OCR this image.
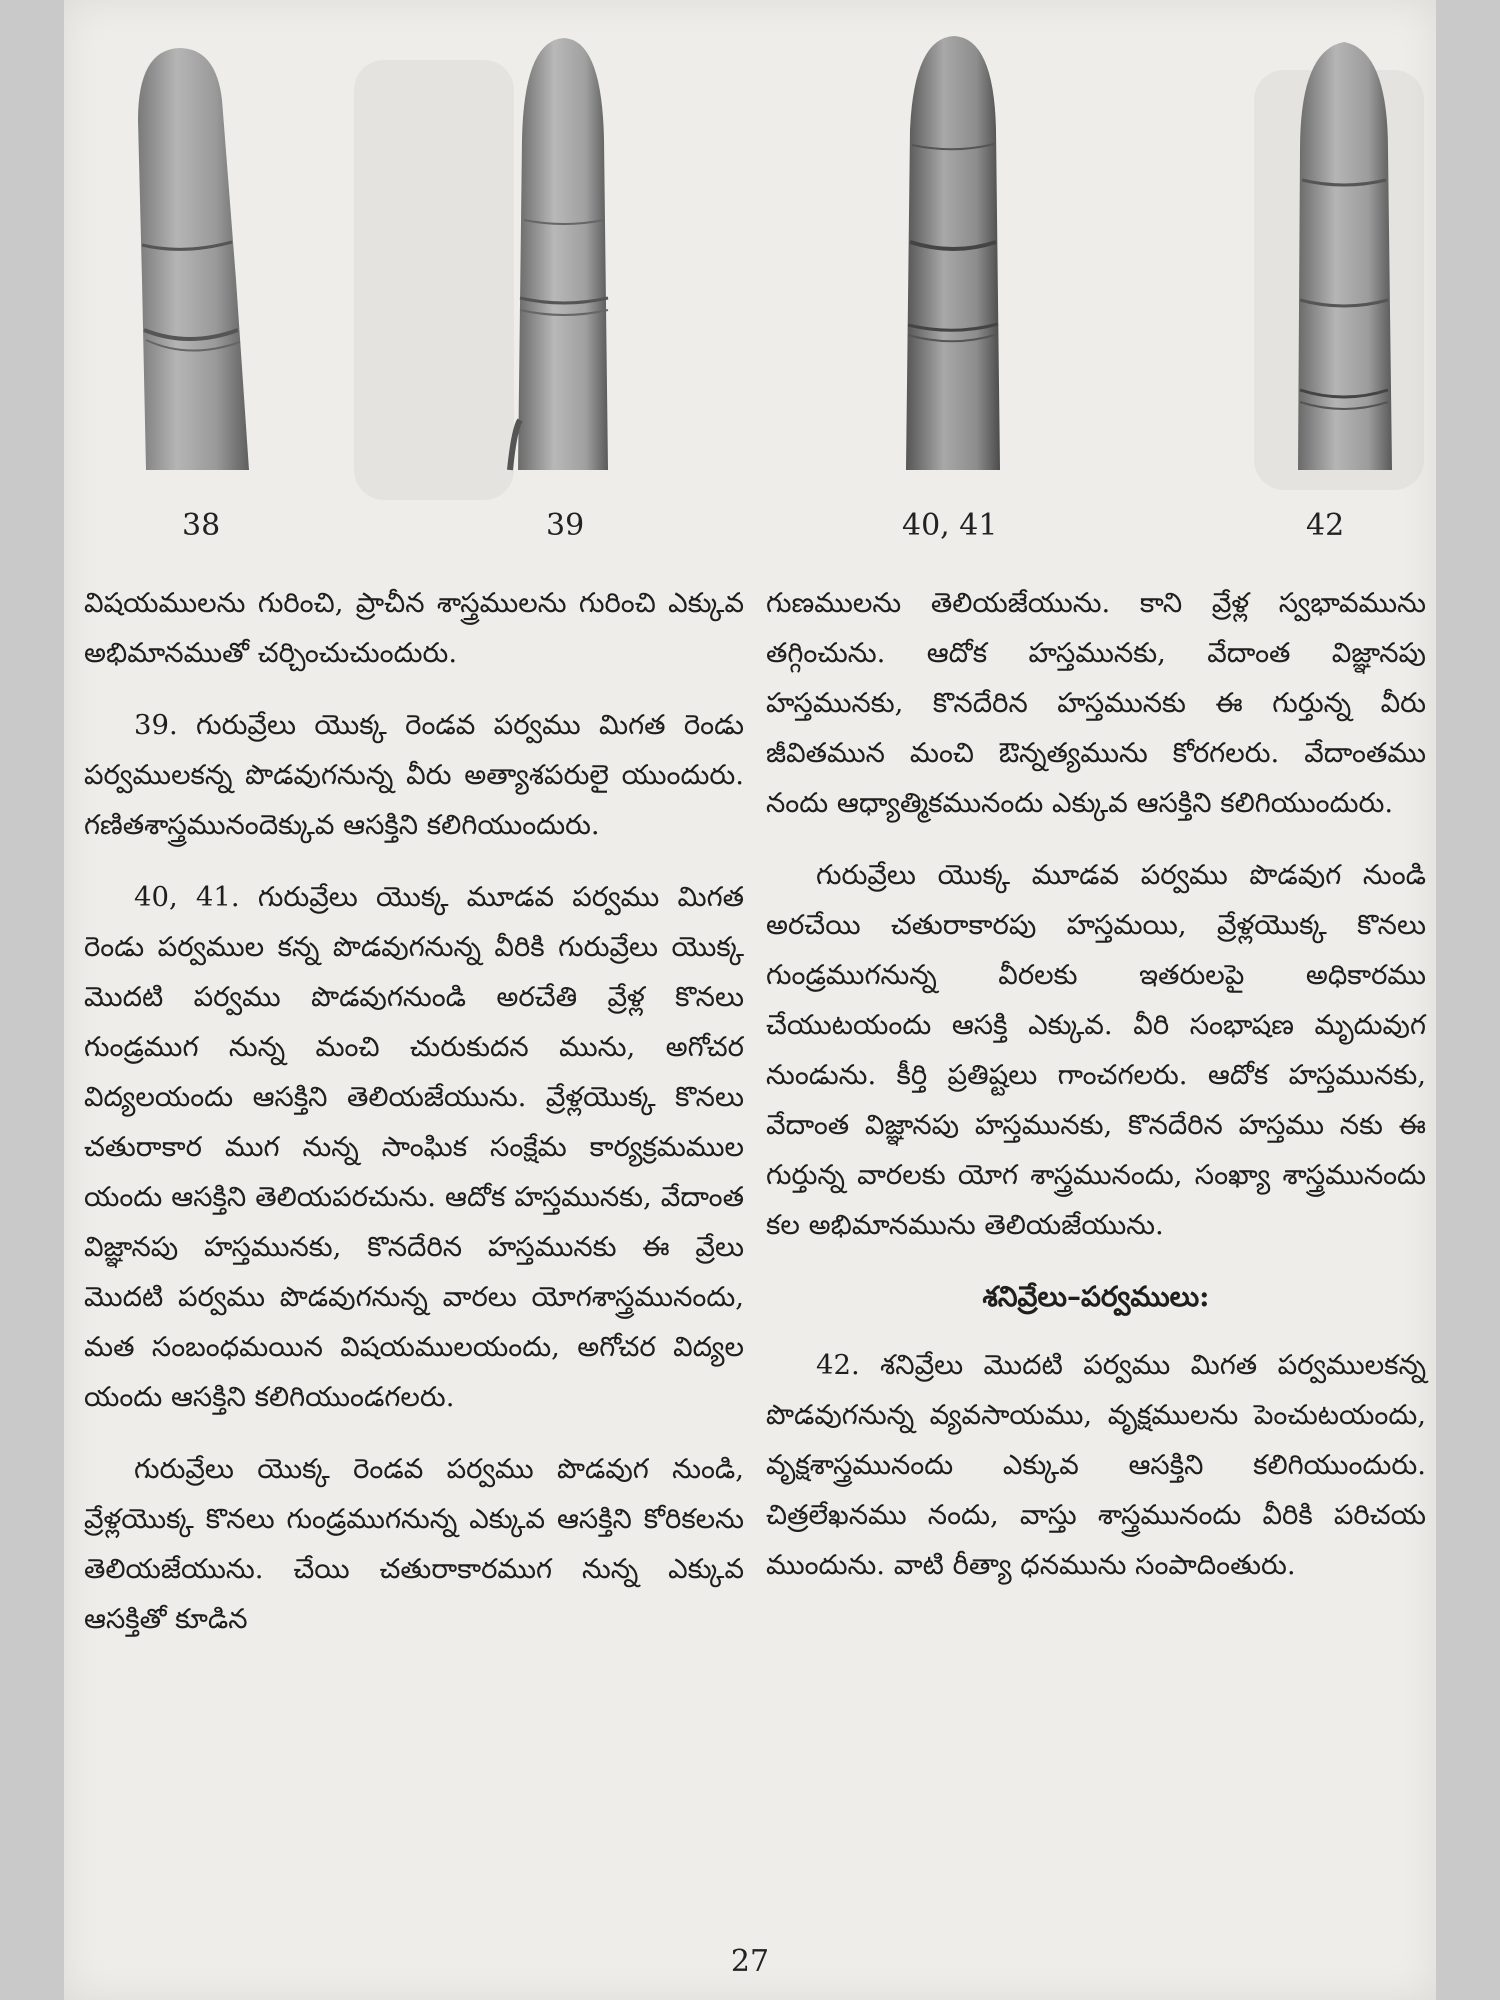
38	39	40, 41	42

విషయములను గురించి, ప్రాచీన శాస్త్రములను గురించి ఎక్కువ అభిమానముతో చర్చించుచుందురు.

39. గురువ్రేలు యొక్క రెండవ పర్వము మిగత రెండు పర్వములకన్న పొడవుగనున్న వీరు అత్యాశపరులై యుందురు. గణితశాస్త్రమునందెక్కువ ఆసక్తిని కలిగియుందురు.

40, 41. గురువ్రేలు యొక్క మూడవ పర్వము మిగత రెండు పర్వముల కన్న పొడవుగనున్న వీరికి గురువ్రేలు యొక్క మొదటి పర్వము పొడవుగనుండి అరచేతి వ్రేళ్ల కొనలు గుండ్రముగ నున్న మంచి చురుకుదన మును, అగోచర విద్యలయందు ఆసక్తిని తెలియజేయును. వ్రేళ్లయొక్క కొనలు చతురాకార ముగ నున్న సాంఘిక సంక్షేమ కార్యక్రమముల యందు ఆసక్తిని తెలియపరచును. ఆదోక హస్తమునకు, వేదాంత విజ్ఞానపు హస్తమునకు, కొనదేరిన హస్తమునకు ఈ వ్రేలు మొదటి పర్వము పొడవుగనున్న వారలు యోగశాస్త్రమునందు, మత సంబంధమయిన విషయములయందు, అగోచర విద్యల యందు ఆసక్తిని కలిగియుండగలరు.

గురువ్రేలు యొక్క రెండవ పర్వము పొడవుగ నుండి, వ్రేళ్లయొక్క కొనలు గుండ్రముగనున్న ఎక్కువ ఆసక్తిని కోరికలను తెలియజేయును. చేయి చతురాకారముగ నున్న ఎక్కువ ఆసక్తితో కూడిన

గుణములను తెలియజేయును. కాని వ్రేళ్ల స్వభావమును తగ్గించును. ఆదోక హస్తమునకు, వేదాంత విజ్ఞానపు హస్తమునకు, కొనదేరిన హస్తమునకు ఈ గుర్తున్న వీరు జీవితమున మంచి ఔన్నత్యమును కోరగలరు. వేదాంతము నందు ఆధ్యాత్మికమునందు ఎక్కువ ఆసక్తిని కలిగియుందురు.

గురువ్రేలు యొక్క మూడవ పర్వము పొడవుగ నుండి అరచేయి చతురాకారపు హస్తమయి, వ్రేళ్లయొక్క కొనలు గుండ్రముగనున్న వీరలకు ఇతరులపై అధికారము చేయుటయందు ఆసక్తి ఎక్కువ. వీరి సంభాషణ మృదువుగ నుండును. కీర్తి ప్రతిష్టలు గాంచగలరు. ఆదోక హస్తమునకు, వేదాంత విజ్ఞానపు హస్తమునకు, కొనదేరిన హస్తము నకు ఈ గుర్తున్న వారలకు యోగ శాస్త్రమునందు, సంఖ్యా శాస్త్రమునందు కల అభిమానమును తెలియజేయును.

శనివ్రేలు–పర్వములు:

42. శనివ్రేలు మొదటి పర్వము మిగత పర్వములకన్న పొడవుగనున్న వ్యవసాయము, వృక్షములను పెంచుటయందు, వృక్షశాస్త్రమునందు ఎక్కువ ఆసక్తిని కలిగియుందురు. చిత్రలేఖనము నందు, వాస్తు శాస్త్రమునందు వీరికి పరిచయ ముందును. వాటి రీత్యా ధనమును సంపాదింతురు.

27
